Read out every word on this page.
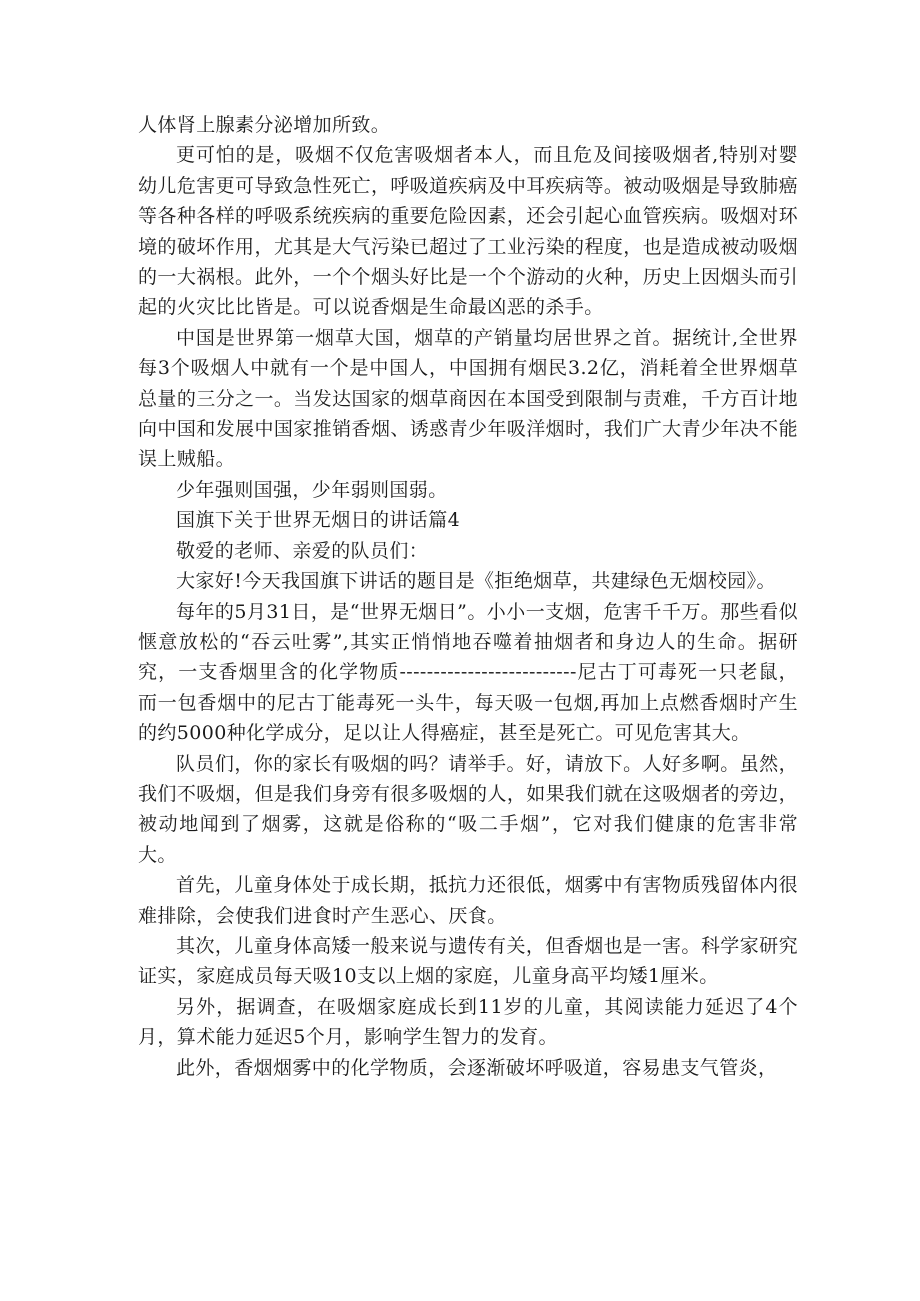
人体肾上腺素分泌增加所致。

更可怕的是，吸烟不仅危害吸烟者本人，而且危及间接吸烟者,特别对婴幼儿危害更可导致急性死亡，呼吸道疾病及中耳疾病等。被动吸烟是导致肺癌等各种各样的呼吸系统疾病的重要危险因素，还会引起心血管疾病。吸烟对环境的破坏作用，尤其是大气污染已超过了工业污染的程度，也是造成被动吸烟的一大祸根。此外，一个个烟头好比是一个个游动的火种，历史上因烟头而引起的火灾比比皆是。可以说香烟是生命最凶恶的杀手。

中国是世界第一烟草大国，烟草的产销量均居世界之首。据统计,全世界每3个吸烟人中就有一个是中国人，中国拥有烟民3.2亿，消耗着全世界烟草总量的三分之一。当发达国家的烟草商因在本国受到限制与责难，千方百计地向中国和发展中国家推销香烟、诱惑青少年吸洋烟时，我们广大青少年决不能误上贼船。

少年强则国强，少年弱则国弱。

国旗下关于世界无烟日的讲话篇4

敬爱的老师、亲爱的队员们：

大家好!今天我国旗下讲话的题目是《拒绝烟草，共建绿色无烟校园》。

每年的5月31日，是“世界无烟日”。小小一支烟，危害千千万。那些看似惬意放松的“吞云吐雾”,其实正悄悄地吞噬着抽烟者和身边人的生命。据研究，一支香烟里含的化学物质--------------------------尼古丁可毒死一只老鼠，而一包香烟中的尼古丁能毒死一头牛，每天吸一包烟,再加上点燃香烟时产生的约5000种化学成分，足以让人得癌症，甚至是死亡。可见危害其大。

队员们，你的家长有吸烟的吗？请举手。好，请放下。人好多啊。虽然，我们不吸烟，但是我们身旁有很多吸烟的人，如果我们就在这吸烟者的旁边，被动地闻到了烟雾，这就是俗称的“吸二手烟”，它对我们健康的危害非常大。

首先，儿童身体处于成长期，抵抗力还很低，烟雾中有害物质残留体内很难排除，会使我们进食时产生恶心、厌食。

其次，儿童身体高矮一般来说与遗传有关，但香烟也是一害。科学家研究证实，家庭成员每天吸10支以上烟的家庭，儿童身高平均矮1厘米。

另外，据调查，在吸烟家庭成长到11岁的儿童，其阅读能力延迟了4个月，算术能力延迟5个月，影响学生智力的发育。

此外，香烟烟雾中的化学物质，会逐渐破坏呼吸道，容易患支气管炎，
